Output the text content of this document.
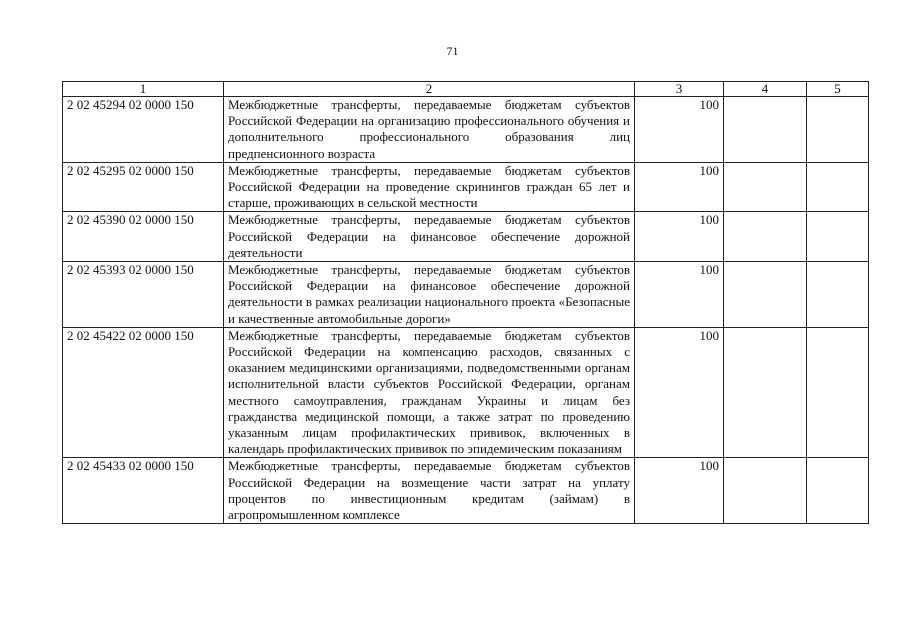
71
1	2	3	4	5
2 02 45294 02 0000 150	Межбюджетные трансферты, передаваемые бюджетам субъектов Российской Федерации на организацию профессионального обучения и дополнительного профессионального образования лиц предпенсионного возраста	100		
2 02 45295 02 0000 150	Межбюджетные трансферты, передаваемые бюджетам субъектов Российской Федерации на проведение скринингов граждан 65 лет и старше, проживающих в сельской местности	100		
2 02 45390 02 0000 150	Межбюджетные трансферты, передаваемые бюджетам субъектов Российской Федерации на финансовое обеспечение дорожной деятельности	100		
2 02 45393 02 0000 150	Межбюджетные трансферты, передаваемые бюджетам субъектов Российской Федерации на финансовое обеспечение дорожной деятельности в рамках реализации национального проекта «Безопасные и качественные автомобильные дороги»	100		
2 02 45422 02 0000 150	Межбюджетные трансферты, передаваемые бюджетам субъектов Российской Федерации на компенсацию расходов, связанных с оказанием медицинскими организациями, подведомственными органам исполнительной власти субъектов Российской Федерации, органам местного самоуправления, гражданам Украины и лицам без гражданства медицинской помощи, а также затрат по проведению указанным лицам профилактических прививок, включенных в календарь профилактических прививок по эпидемическим показаниям	100		
2 02 45433 02 0000 150	Межбюджетные трансферты, передаваемые бюджетам субъектов Российской Федерации на возмещение части затрат на уплату процентов по инвестиционным кредитам (займам) в агропромышленном комплексе	100		
